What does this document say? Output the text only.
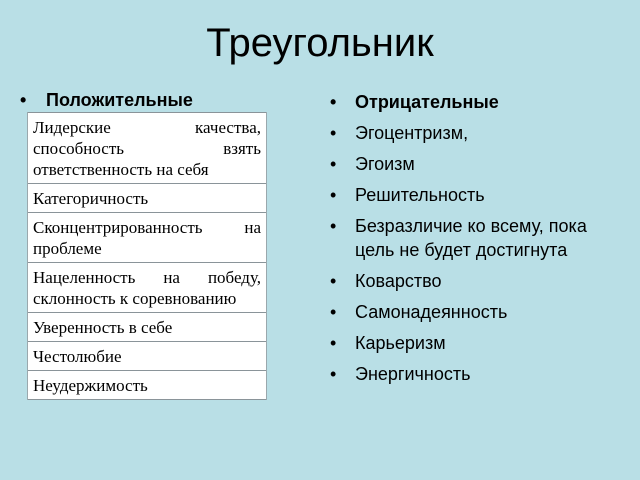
Треугольник
• Положительные
Лидерские качества, способность взять ответственность на себя
Категоричность
Сконцентрированность на проблеме
Нацеленность на победу, склонность к соревнованию
Уверенность в себе
Честолюбие
Неудержимость
• Отрицательные
• Эгоцентризм,
• Эгоизм
• Решительность
• Безразличие ко всему, пока цель не будет достигнута
• Коварство
• Самонадеянность
• Карьеризм
• Энергичность
